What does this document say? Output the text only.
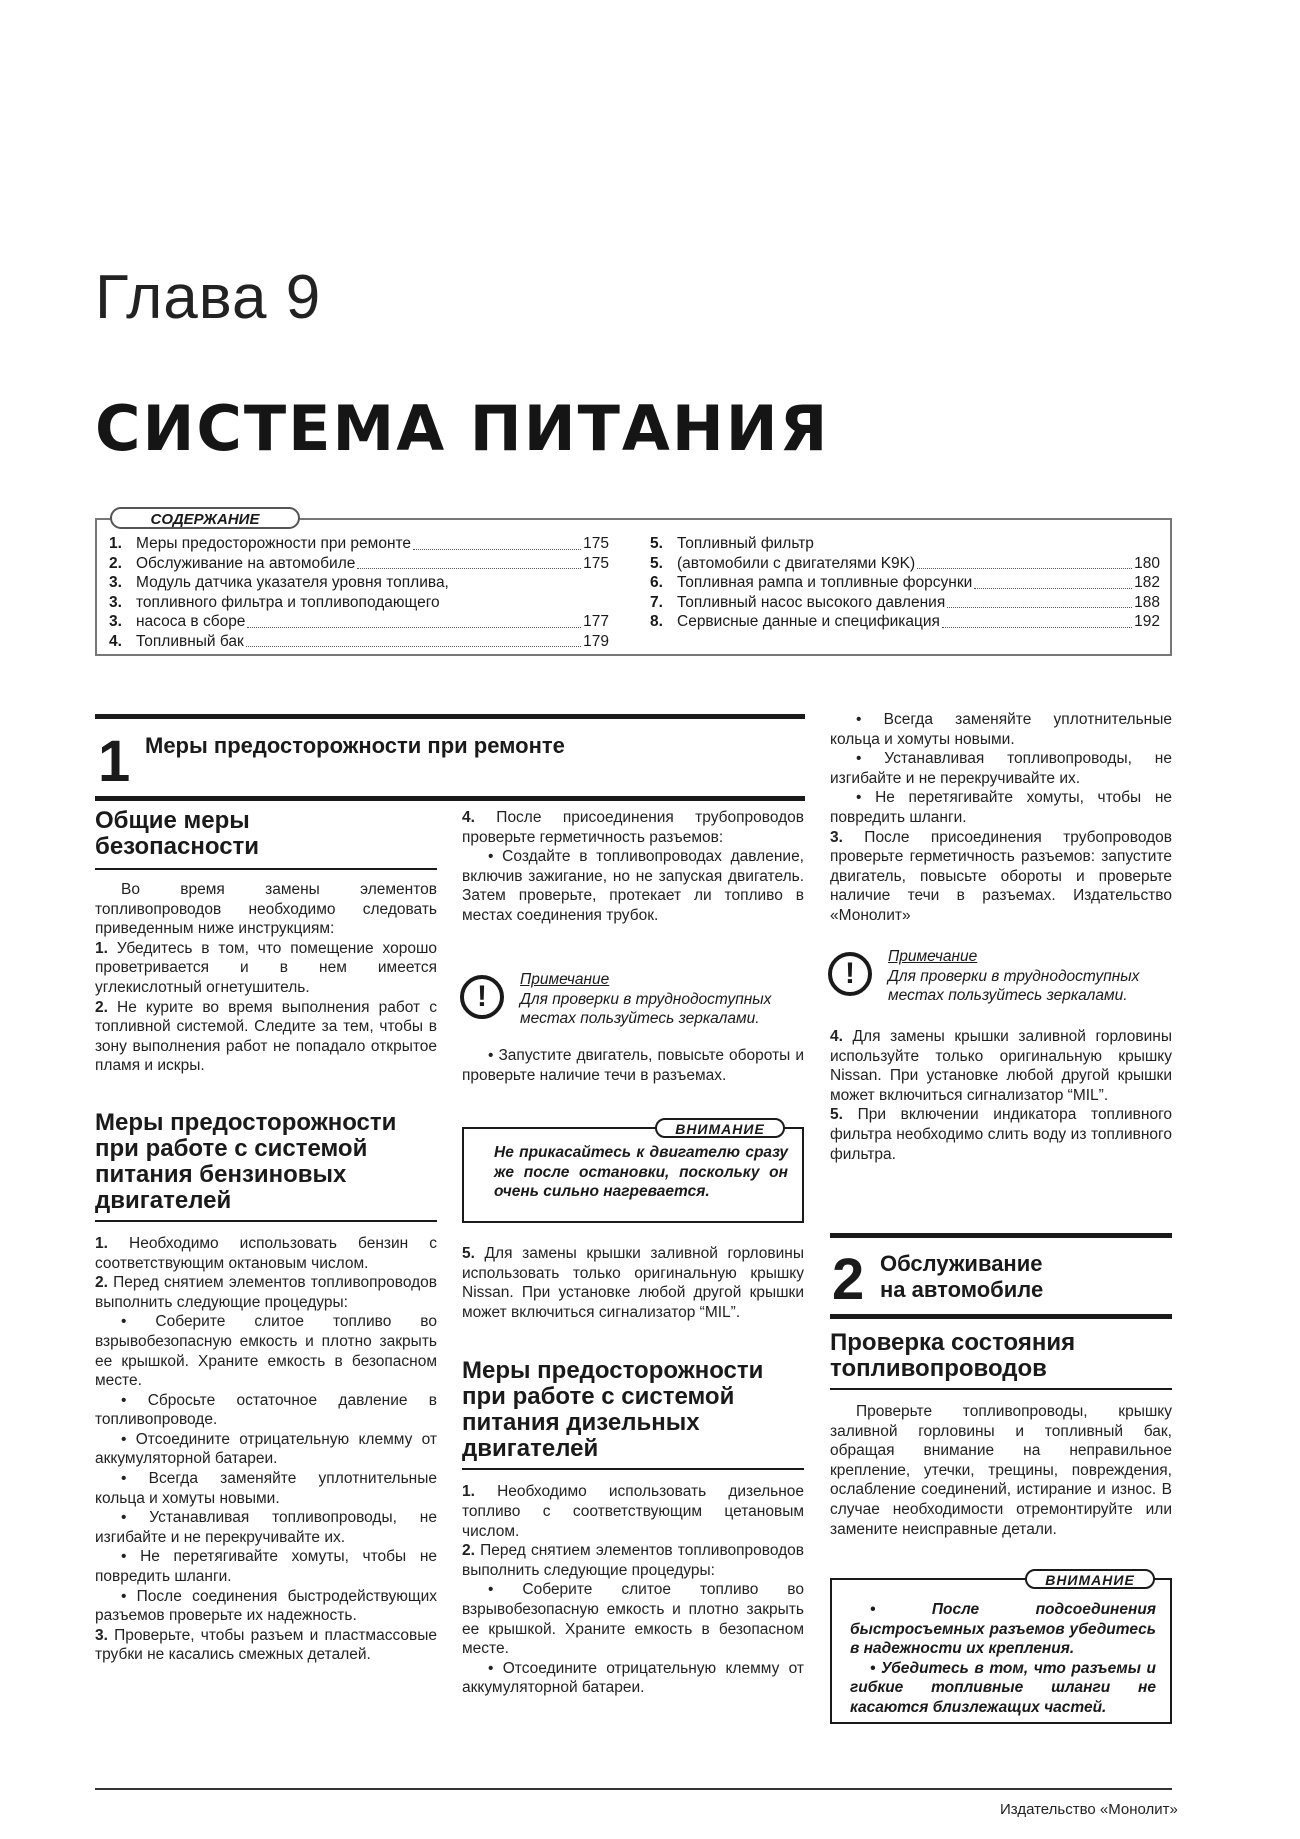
Глава 9
СИСТЕМА ПИТАНИЯ
1. Меры предосторожности при ремонте	175
2. Обслуживание на автомобиле	175
3. Модуль датчика указателя уровня топлива,
3. топливного фильтра и топливоподающего
3. насоса в сборе	177
4. Топливный бак	179
5. Топливный фильтр
5. (автомобили с двигателями K9K)	180
6. Топливная рампа и топливные форсунки	182
7. Топливный насос высокого давления	188
8. Сервисные данные и спецификация	192
СОДЕРЖАНИЕ
1 Меры предосторожности при ремонте

Общие меры

безопасности

Во время замены элементов топливопроводов необходимо следовать приведенным ниже инструкциям:

1. Убедитесь в том, что помещение хорошо проветривается и в нем имеется углекислотный огнетушитель.

2. Не курите во время выполнения работ с топливной системой. Следите за тем, чтобы в зону выполнения работ не попадало открытое пламя и искры.

Меры предосторожности

при работе с системой

питания бензиновых

двигателей

1. Необходимо использовать бензин с соответствующим октановым числом.

2. Перед снятием элементов топливопроводов выполнить следующие процедуры:

• Соберите слитое топливо во взрывобезопасную емкость и плотно закрыть ее крышкой. Храните емкость в безопасном месте.

• Сбросьте остаточное давление в топливопроводе.

• Отсоедините отрицательную клемму от аккумуляторной батареи.

• Всегда заменяйте уплотнительные кольца и хомуты новыми.

• Устанавливая топливопроводы, не изгибайте и не перекручивайте их.

• Не перетягивайте хомуты, чтобы не повредить шланги.

• После соединения быстродействующих разъемов проверьте их надежность.

3. Проверьте, чтобы разъем и пластмассовые трубки не касались смежных деталей.

4. После присоединения трубопроводов проверьте герметичность разъемов:

• Создайте в топливопроводах давление, включив зажигание, но не запуская двигатель. Затем проверьте, протекает ли топливо в местах соединения трубок.

!
Примечание
Для проверки в труднодоступных местах пользуйтесь зеркалами.

• Запустите двигатель, повысьте обороты и проверьте наличие течи в разъемах.

Не прикасайтесь к двигателю сразу же после остановки, поскольку он очень сильно нагревается.
ВНИМАНИЕ

5. Для замены крышки заливной горловины использовать только оригинальную крышку Nissan. При установке любой другой крышки может включиться сигнализатор “MIL”.

Меры предосторожности

при работе с системой

питания дизельных

двигателей

1. Необходимо использовать дизельное топливо с соответствующим цетановым числом.

2. Перед снятием элементов топливопроводов выполнить следующие процедуры:

• Соберите слитое топливо во взрывобезопасную емкость и плотно закрыть ее крышкой. Храните емкость в безопасном месте.

• Отсоедините отрицательную клемму от аккумуляторной батареи.

• Всегда заменяйте уплотнительные кольца и хомуты новыми.

• Устанавливая топливопроводы, не изгибайте и не перекручивайте их.

• Не перетягивайте хомуты, чтобы не повредить шланги.

3. После присоединения трубопроводов проверьте герметичность разъемов: запустите двигатель, повысьте обороты и проверьте наличие течи в разъемах. Издательство «Монолит»

!
Примечание
Для проверки в труднодоступных местах пользуйтесь зеркалами.

4. Для замены крышки заливной горловины используйте только оригинальную крышку Nissan. При установке любой другой крышки может включиться сигнализатор “MIL”.

5. При включении индикатора топливного фильтра необходимо слить воду из топливного фильтра.

2 Обслуживание
на автомобиле

Проверка состояния

топливопроводов

Проверьте топливопроводы, крышку заливной горловины и топливный бак, обращая внимание на неправильное крепление, утечки, трещины, повреждения, ослабление соединений, истирание и износ. В случае необходимости отремонтируйте или замените неисправные детали.

• После подсоединения быстросъемных разъемов убедитесь в надежности их крепления.

• Убедитесь в том, что разъемы и гибкие топливные шланги не касаются близлежащих частей.

ВНИМАНИЕ
Издательство «Монолит»
